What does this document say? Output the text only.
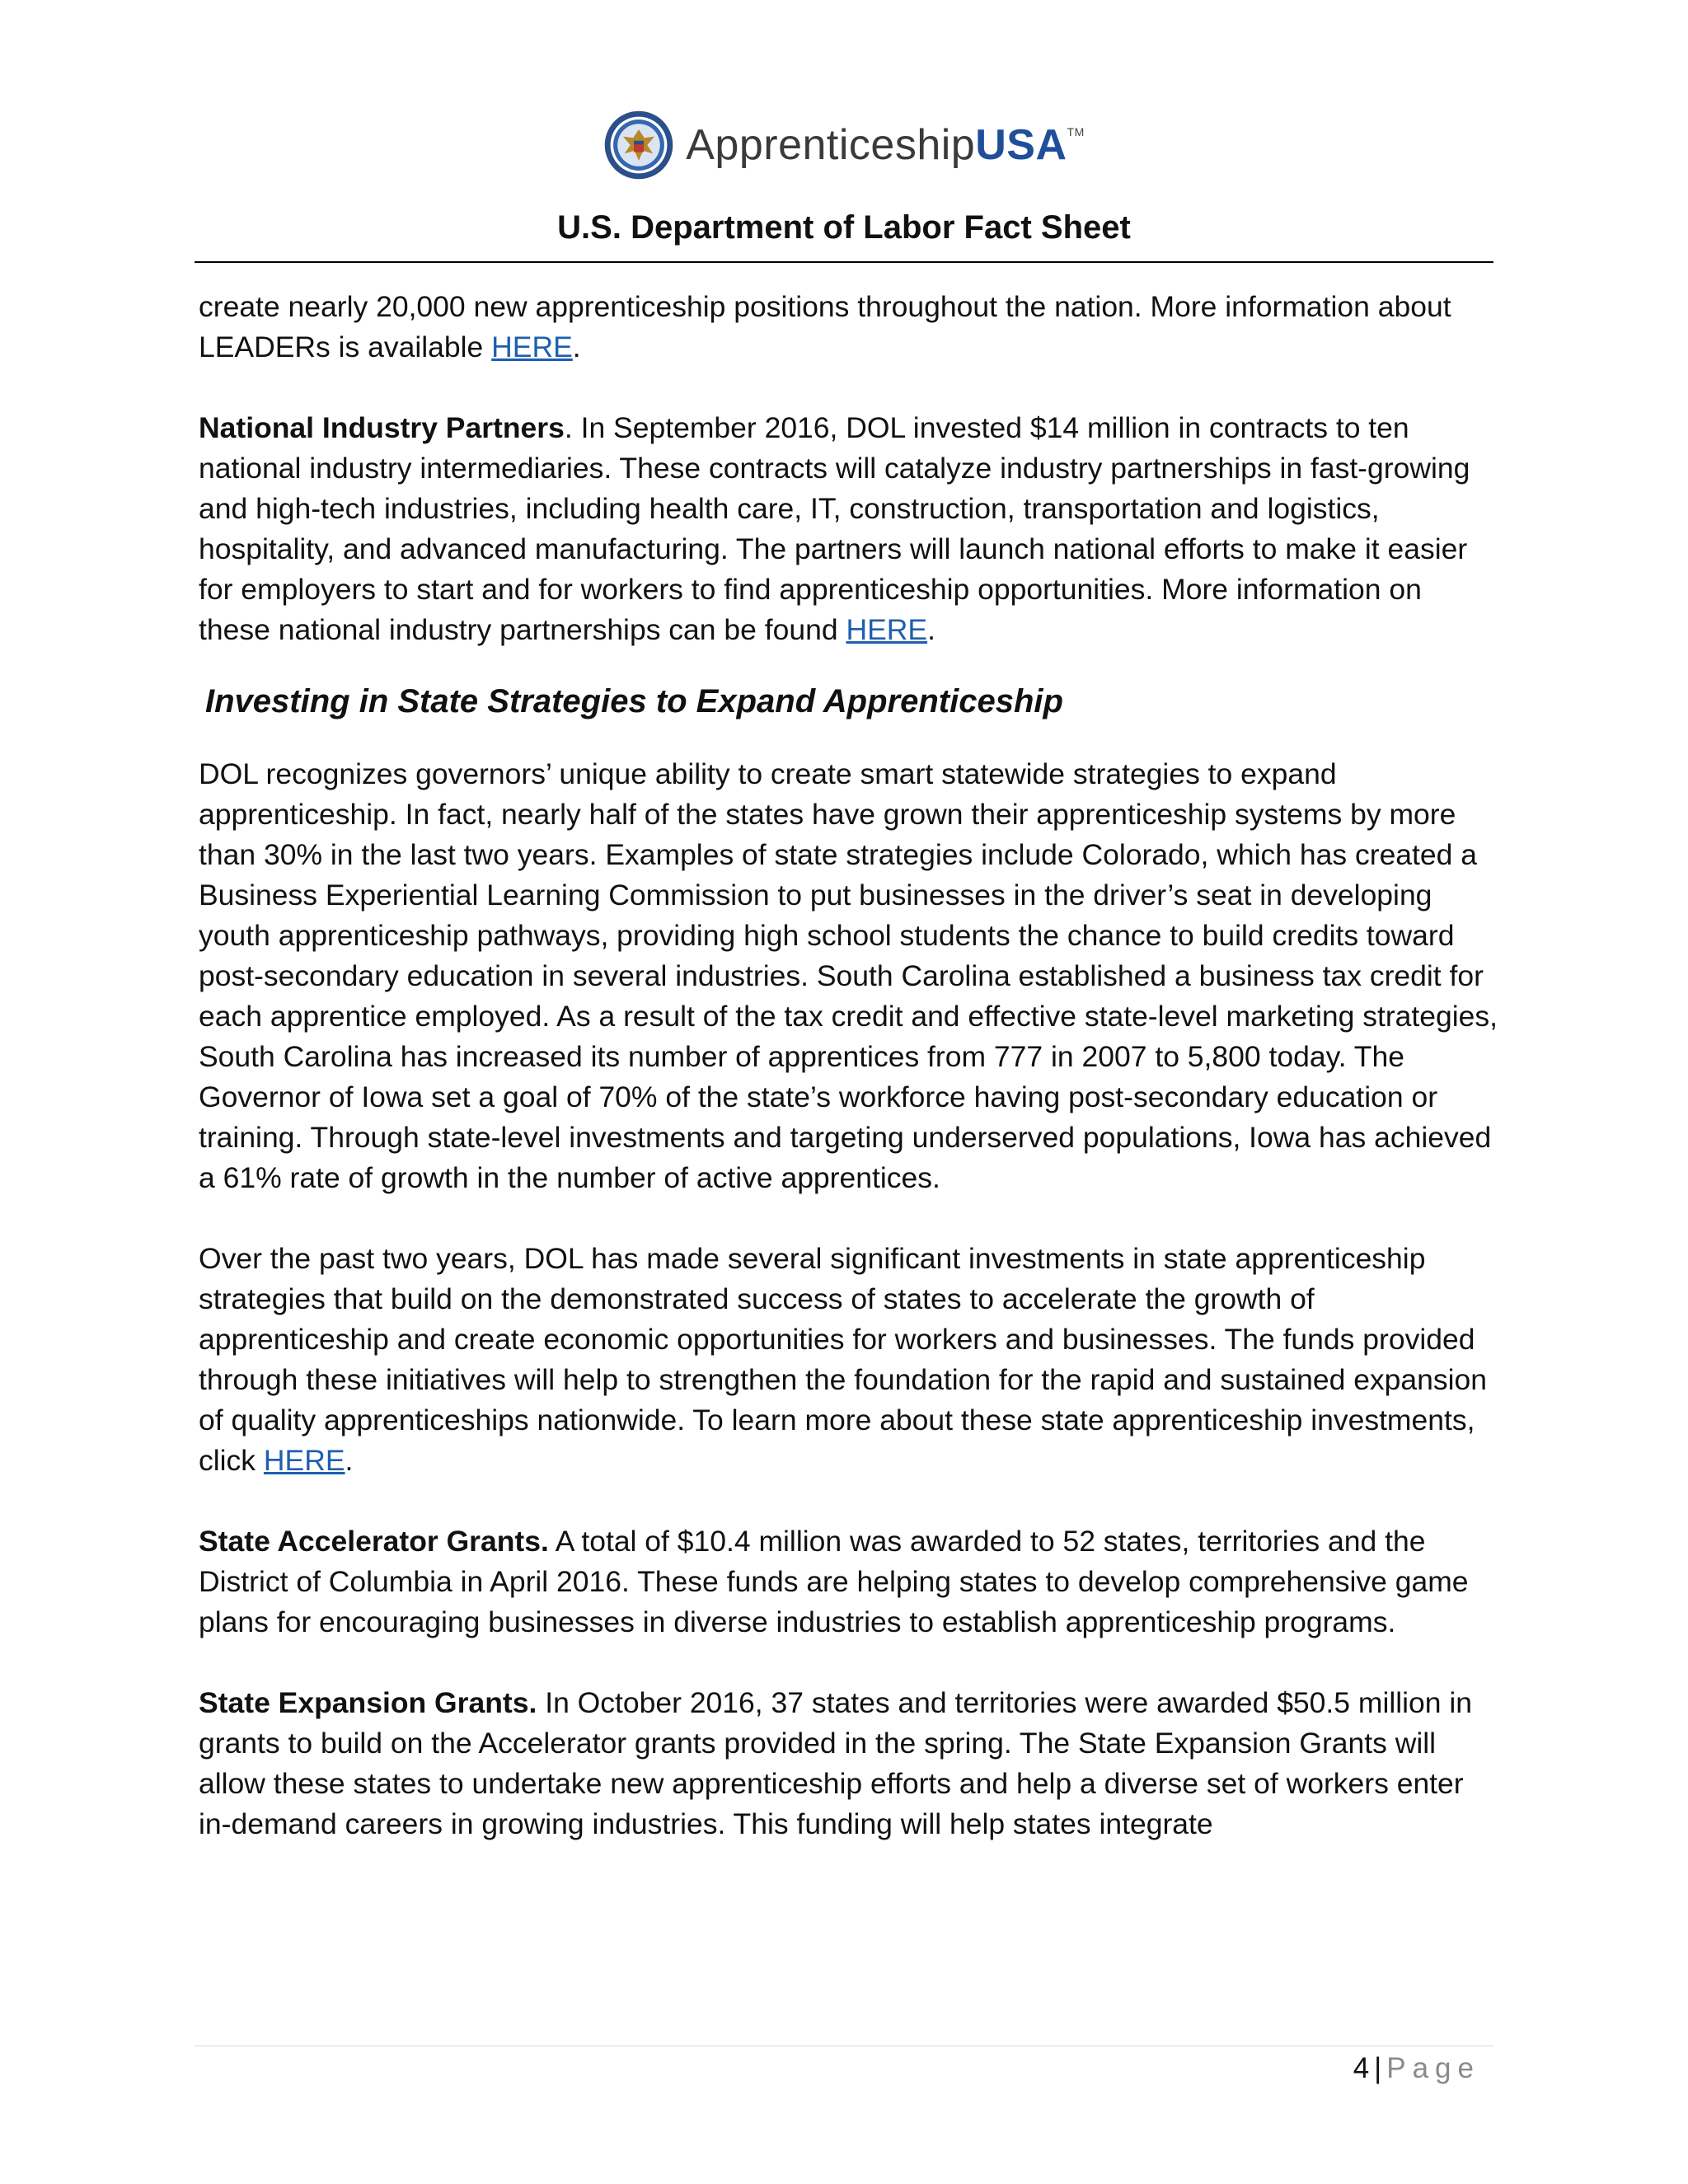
ApprenticeshipUSA™
U.S. Department of Labor Fact Sheet

create nearly 20,000 new apprenticeship positions throughout the nation. More information about LEADERs is available HERE.

National Industry Partners. In September 2016, DOL invested $14 million in contracts to ten national industry intermediaries. These contracts will catalyze industry partnerships in fast-growing and high-tech industries, including health care, IT, construction, transportation and logistics, hospitality, and advanced manufacturing. The partners will launch national efforts to make it easier for employers to start and for workers to find apprenticeship opportunities. More information on these national industry partnerships can be found HERE.

Investing in State Strategies to Expand Apprenticeship

DOL recognizes governors’ unique ability to create smart statewide strategies to expand apprenticeship. In fact, nearly half of the states have grown their apprenticeship systems by more than 30% in the last two years. Examples of state strategies include Colorado, which has created a Business Experiential Learning Commission to put businesses in the driver’s seat in developing youth apprenticeship pathways, providing high school students the chance to build credits toward post-secondary education in several industries. South Carolina established a business tax credit for each apprentice employed. As a result of the tax credit and effective state-level marketing strategies, South Carolina has increased its number of apprentices from 777 in 2007 to 5,800 today. The Governor of Iowa set a goal of 70% of the state’s workforce having post-secondary education or training. Through state-level investments and targeting underserved populations, Iowa has achieved a 61% rate of growth in the number of active apprentices.

Over the past two years, DOL has made several significant investments in state apprenticeship strategies that build on the demonstrated success of states to accelerate the growth of apprenticeship and create economic opportunities for workers and businesses. The funds provided through these initiatives will help to strengthen the foundation for the rapid and sustained expansion of quality apprenticeships nationwide. To learn more about these state apprenticeship investments, click HERE.

State Accelerator Grants. A total of $10.4 million was awarded to 52 states, territories and the District of Columbia in April 2016. These funds are helping states to develop comprehensive game plans for encouraging businesses in diverse industries to establish apprenticeship programs.

State Expansion Grants. In October 2016, 37 states and territories were awarded $50.5 million in grants to build on the Accelerator grants provided in the spring. The State Expansion Grants will allow these states to undertake new apprenticeship efforts and help a diverse set of workers enter in-demand careers in growing industries. This funding will help states integrate

4 | Page
